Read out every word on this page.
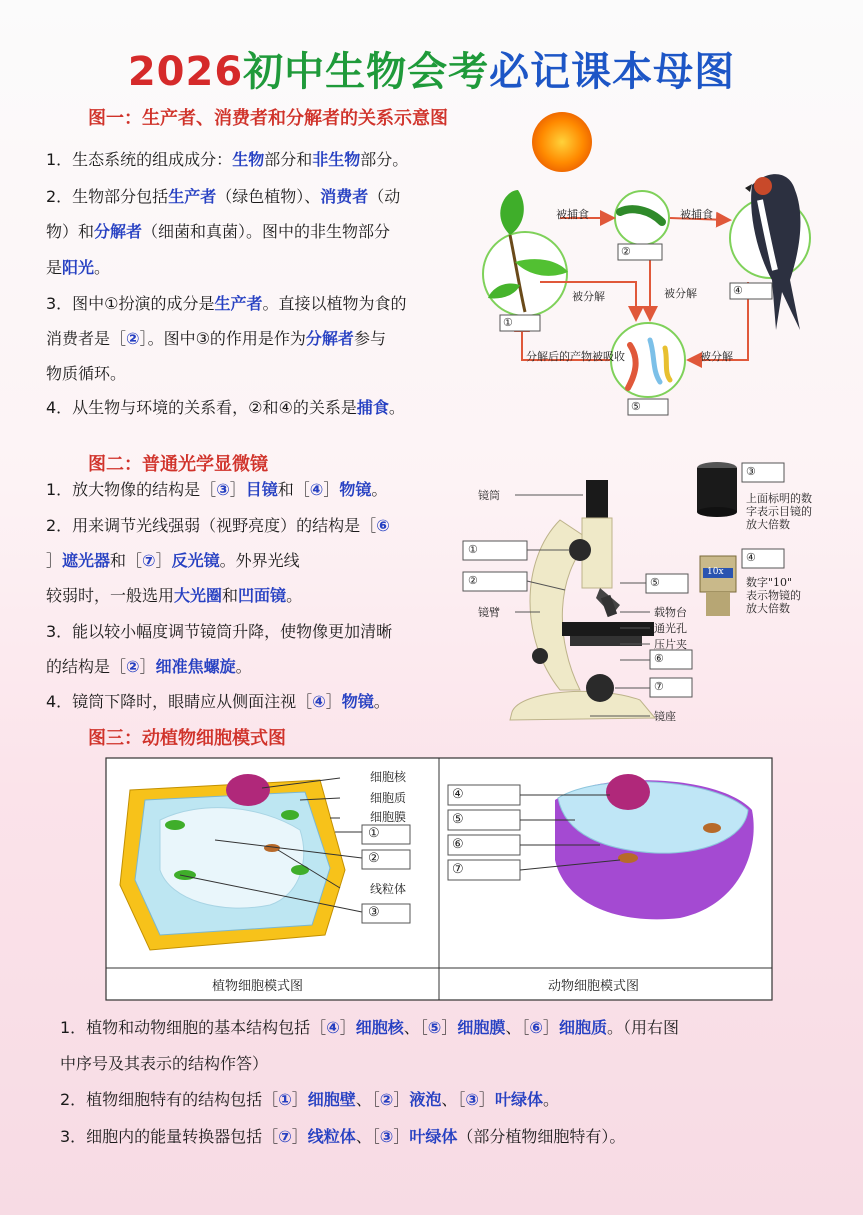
2026初中生物会考必记课本母图
图一：生产者、消费者和分解者的关系示意图
1．生态系统的组成成分：生物部分和非生物部分。
2．生物部分包括生产者（绿色植物）、消费者（动
物）和分解者（细菌和真菌）。图中的非生物部分
是阳光。
3．图中①扮演的成分是生产者。直接以植物为食的
消费者是［②］。图中③的作用是作为分解者参与
物质循环。
4．从生物与环境的关系看，②和④的关系是捕食。
图二：普通光学显微镜
1．放大物像的结构是［③］目镜和［④］物镜。
2．用来调节光线强弱（视野亮度）的结构是［⑥
］遮光器和［⑦］反光镜。外界光线
较弱时，一般选用大光圈和凹面镜。
3．能以较小幅度调节镜筒升降，使物像更加清晰
的结构是［②］细准焦螺旋。
4．镜筒下降时，眼睛应从侧面注视［④］物镜。
图三：动植物细胞模式图
1．植物和动物细胞的基本结构包括［④］细胞核、［⑤］细胞膜、［⑥］细胞质。（用右图
中序号及其表示的结构作答）
2．植物细胞特有的结构包括［①］细胞壁、［②］液泡、［③］叶绿体。
3．细胞内的能量转换器包括［⑦］线粒体、［③］叶绿体（部分植物细胞特有）。
被捕食	被捕食
被分解	被分解
被分解
分解后的产物被吸收
①
②
④
⑤
镜筒
镜臂
镜座
载物台
通光孔
压片夹
上面标明的数
字表示目镜的
放大倍数
数字"10"
表示物镜的
放大倍数
10x
①
②
③
④
⑤
⑥
⑦
细胞核
细胞质
细胞膜
线粒体
①
②
③
④
⑤
⑥
⑦
植物细胞模式图	动物细胞模式图
